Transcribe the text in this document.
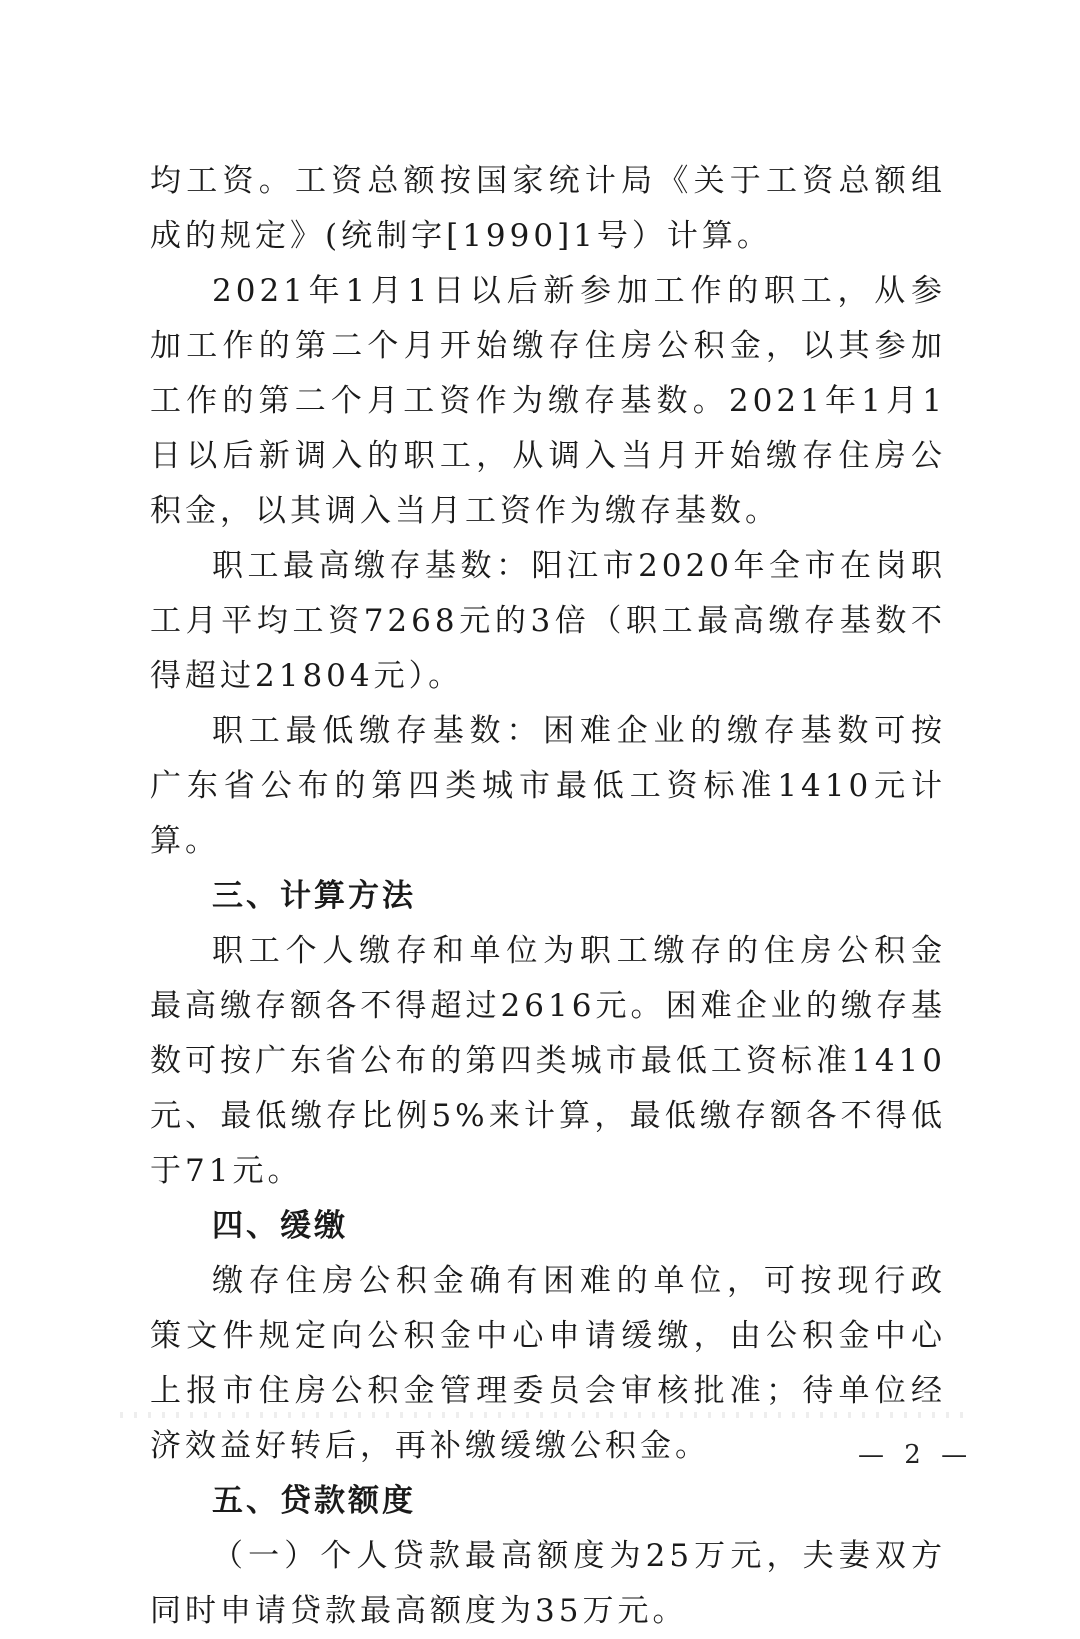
均工资。工资总额按国家统计局《关于工资总额组成的规定》(统制字[1990]1号）计算。

2021年1月1日以后新参加工作的职工，从参加工作的第二个月开始缴存住房公积金，以其参加工作的第二个月工资作为缴存基数。2021年1月1日以后新调入的职工，从调入当月开始缴存住房公积金，以其调入当月工资作为缴存基数。

职工最高缴存基数：阳江市2020年全市在岗职工月平均工资7268元的3倍（职工最高缴存基数不得超过21804元）。

职工最低缴存基数：困难企业的缴存基数可按广东省公布的第四类城市最低工资标准1410元计算。

三、计算方法

职工个人缴存和单位为职工缴存的住房公积金最高缴存额各不得超过2616元。困难企业的缴存基数可按广东省公布的第四类城市最低工资标准1410元、最低缴存比例5%来计算，最低缴存额各不得低于71元。

四、缓缴

缴存住房公积金确有困难的单位，可按现行政策文件规定向公积金中心申请缓缴，由公积金中心上报市住房公积金管理委员会审核批准；待单位经济效益好转后，再补缴缓缴公积金。

五、贷款额度

（一）个人贷款最高额度为25万元，夫妻双方同时申请贷款最高额度为35万元。

— 2 —
